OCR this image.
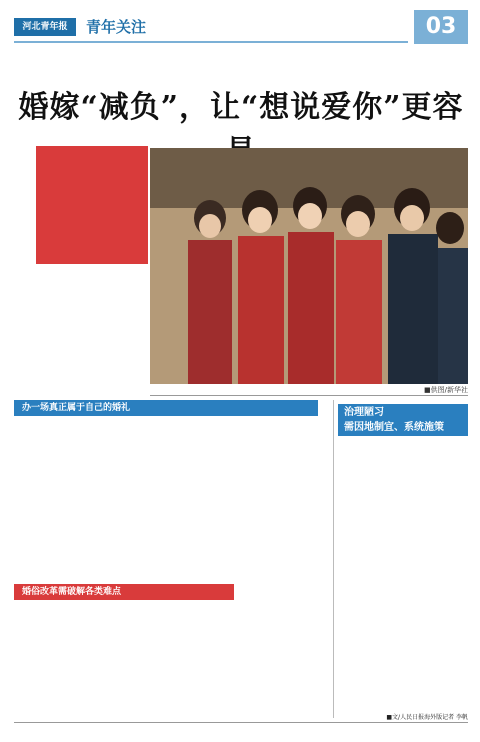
河北青年报	青年关注	03
婚嫁“减负”，让“想说爱你”更容
■供图/新华社
办一场真正属于自己的婚礼
婚俗改革需破解各类难点
治理陋习
需因地制宜、系统施策
■文/人民日报海外版记者 李帆
